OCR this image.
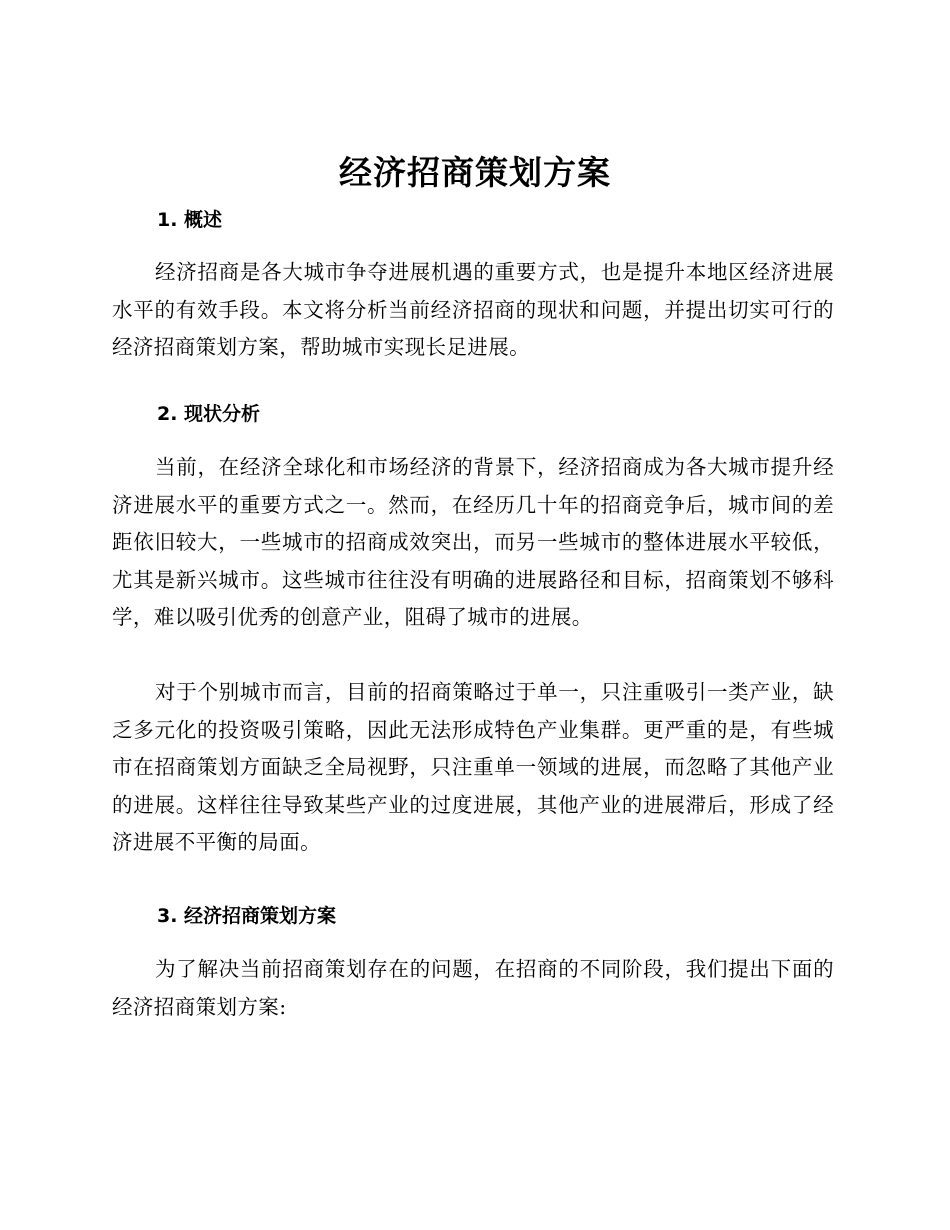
经济招商策划方案
1. 概述

经济招商是各大城市争夺进展机遇的重要方式，也是提升本地区经济进展水平的有效手段。本文将分析当前经济招商的现状和问题，并提出切实可行的经济招商策划方案，帮助城市实现长足进展。

2. 现状分析

当前，在经济全球化和市场经济的背景下，经济招商成为各大城市提升经济进展水平的重要方式之一。然而，在经历几十年的招商竞争后，城市间的差距依旧较大，一些城市的招商成效突出，而另一些城市的整体进展水平较低，尤其是新兴城市。这些城市往往没有明确的进展路径和目标，招商策划不够科学，难以吸引优秀的创意产业，阻碍了城市的进展。

对于个别城市而言，目前的招商策略过于单一，只注重吸引一类产业，缺乏多元化的投资吸引策略，因此无法形成特色产业集群。更严重的是，有些城市在招商策划方面缺乏全局视野，只注重单一领域的进展，而忽略了其他产业的进展。这样往往导致某些产业的过度进展，其他产业的进展滞后，形成了经济进展不平衡的局面。

3. 经济招商策划方案

为了解决当前招商策划存在的问题，在招商的不同阶段，我们提出下面的经济招商策划方案:
